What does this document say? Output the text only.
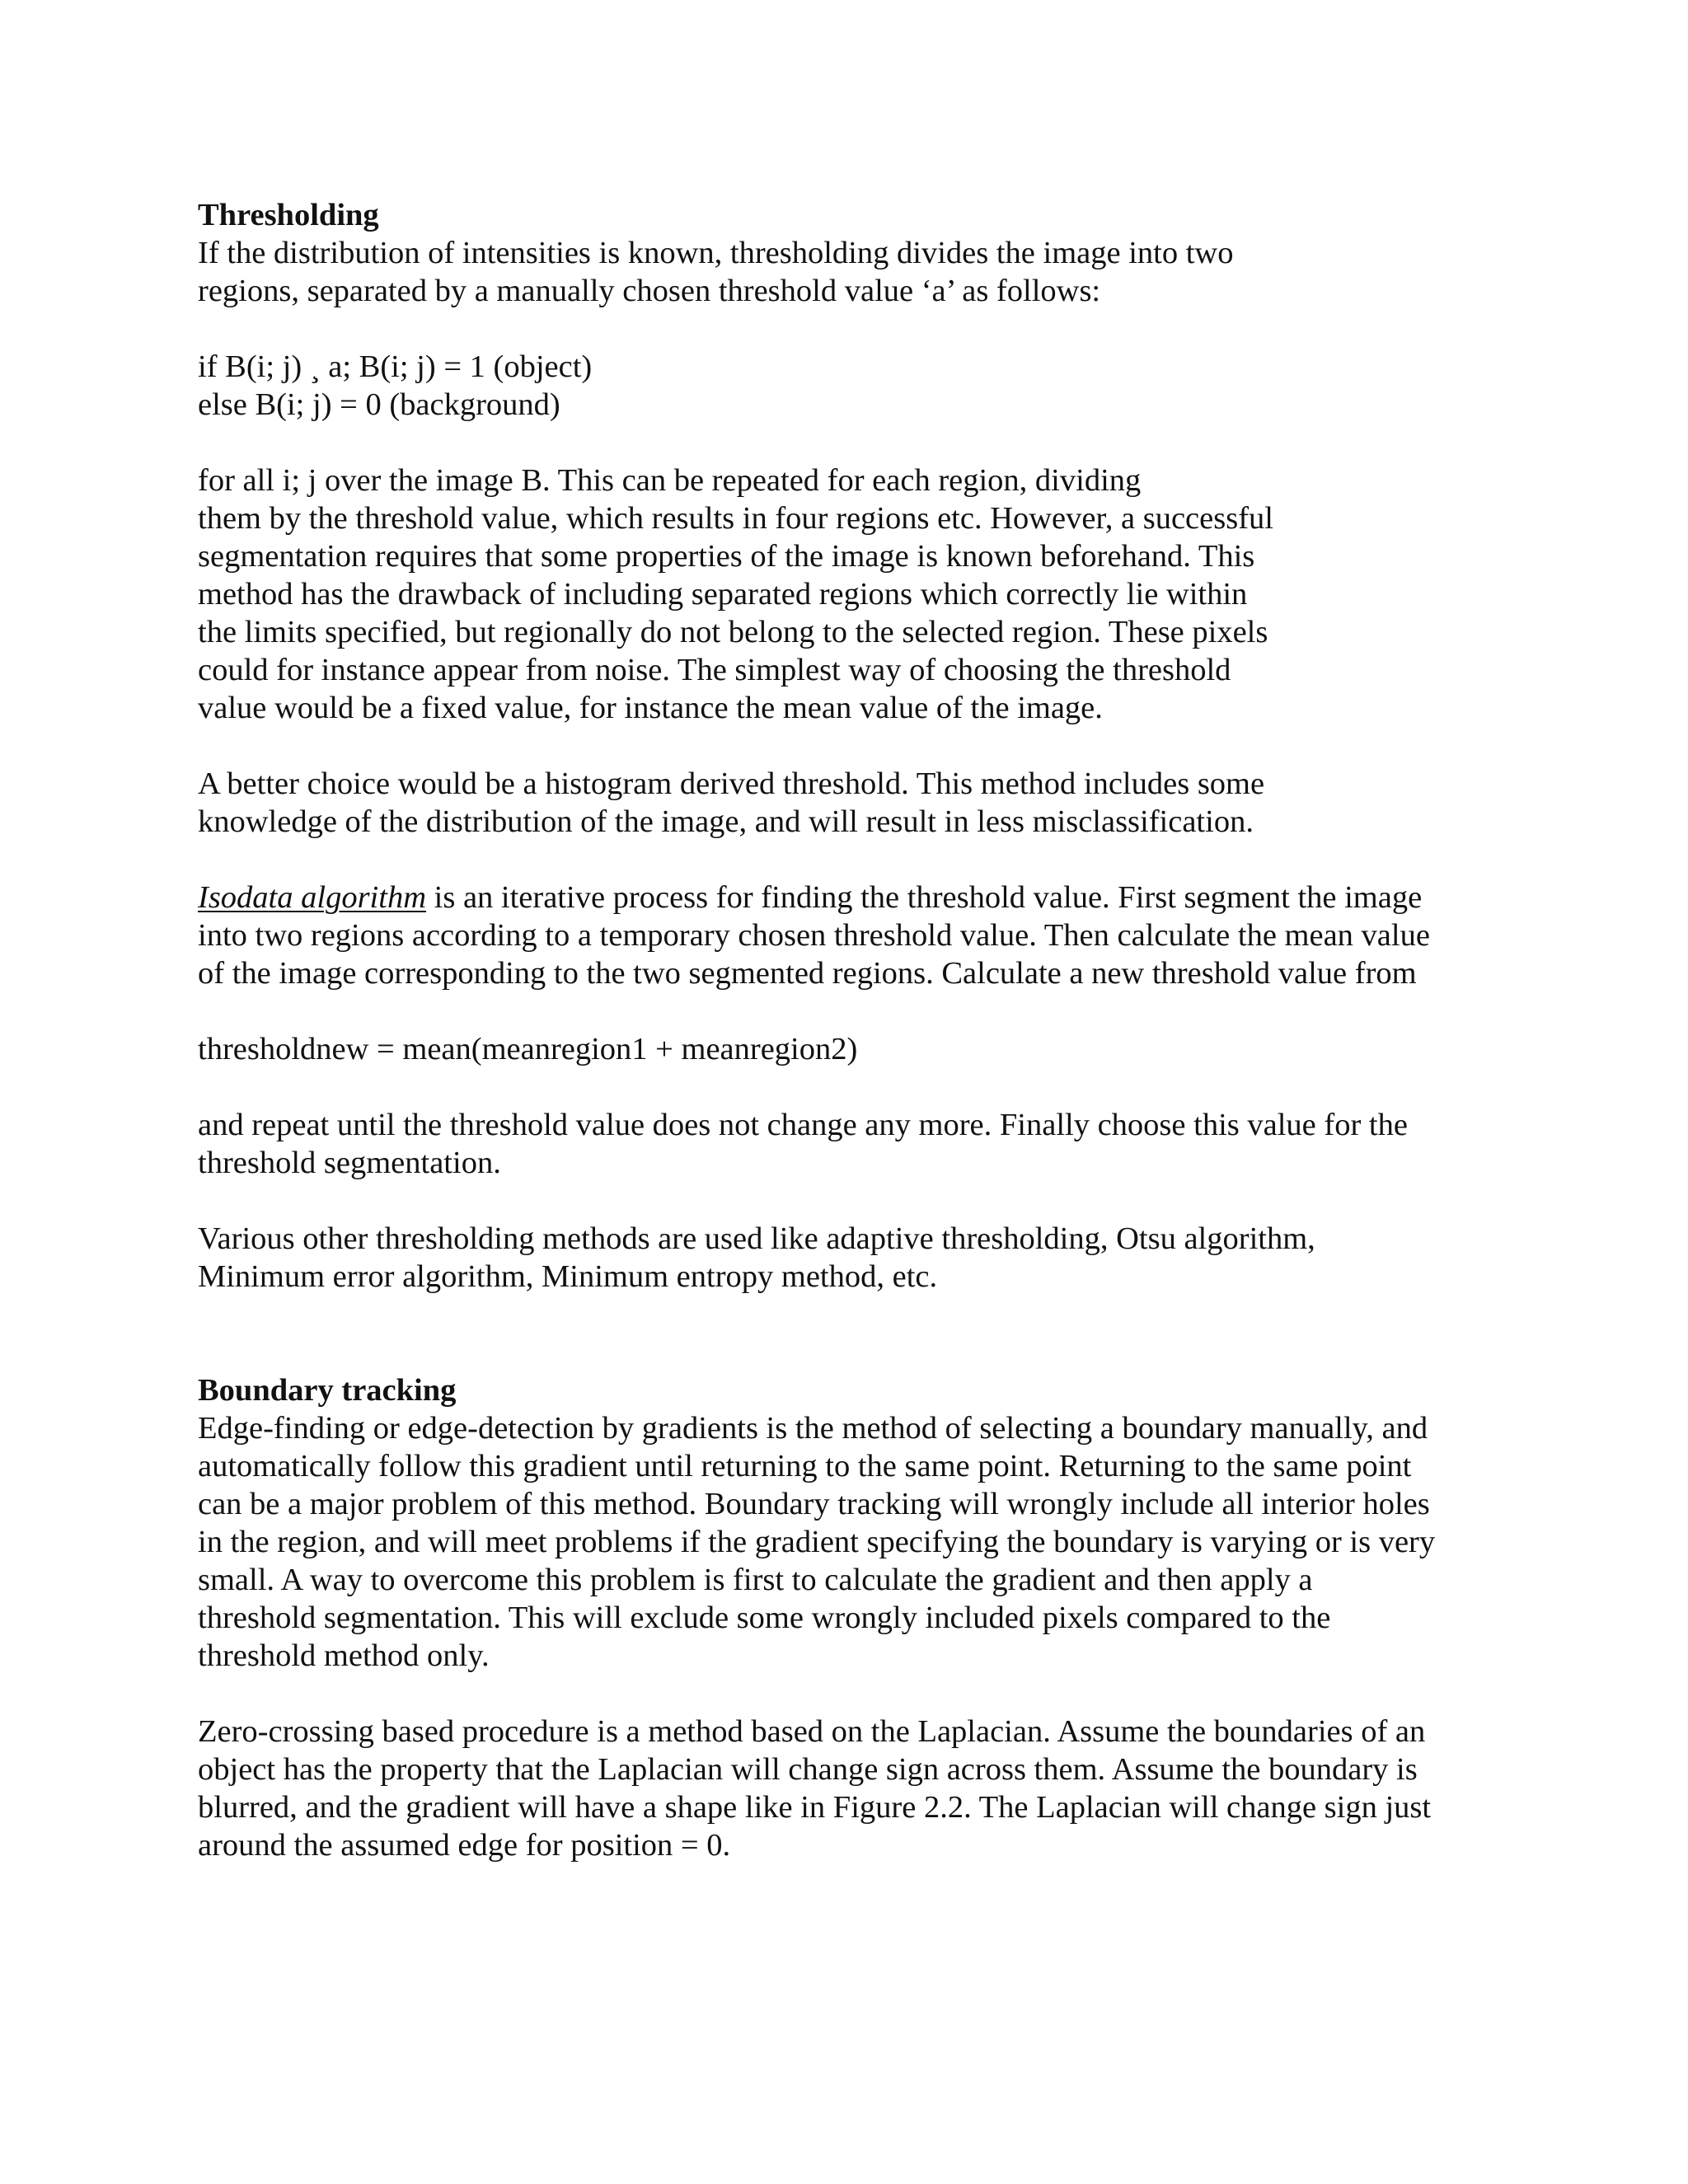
Thresholding
If the distribution of intensities is known, thresholding divides the image into two
regions, separated by a manually chosen threshold value ‘a’ as follows:
if B(i; j) ¸ a; B(i; j) = 1 (object)
else B(i; j) = 0 (background)
for all i; j over the image B. This can be repeated for each region, dividing
them by the threshold value, which results in four regions etc. However, a successful
segmentation requires that some properties of the image is known beforehand. This
method has the drawback of including separated regions which correctly lie within
the limits specified, but regionally do not belong to the selected region. These pixels
could for instance appear from noise. The simplest way of choosing the threshold
value would be a fixed value, for instance the mean value of the image.
A better choice would be a histogram derived threshold. This method includes some
knowledge of the distribution of the image, and will result in less misclassification.
Isodata algorithm is an iterative process for finding the threshold value. First segment the image
into two regions according to a temporary chosen threshold value. Then calculate the mean value
of the image corresponding to the two segmented regions. Calculate a new threshold value from
thresholdnew = mean(meanregion1 + meanregion2)
and repeat until the threshold value does not change any more. Finally choose this value for the
threshold segmentation.
Various other thresholding methods are used like adaptive thresholding, Otsu algorithm,
Minimum error algorithm, Minimum entropy method, etc.
Boundary tracking
Edge-finding or edge-detection by gradients is the method of selecting a boundary manually, and
automatically follow this gradient until returning to the same point. Returning to the same point
can be a major problem of this method. Boundary tracking will wrongly include all interior holes
in the region, and will meet problems if the gradient specifying the boundary is varying or is very
small. A way to overcome this problem is first to calculate the gradient and then apply a
threshold segmentation. This will exclude some wrongly included pixels compared to the
threshold method only.
Zero-crossing based procedure is a method based on the Laplacian. Assume the boundaries of an
object has the property that the Laplacian will change sign across them. Assume the boundary is
blurred, and the gradient will have a shape like in Figure 2.2. The Laplacian will change sign just
around the assumed edge for position = 0.
